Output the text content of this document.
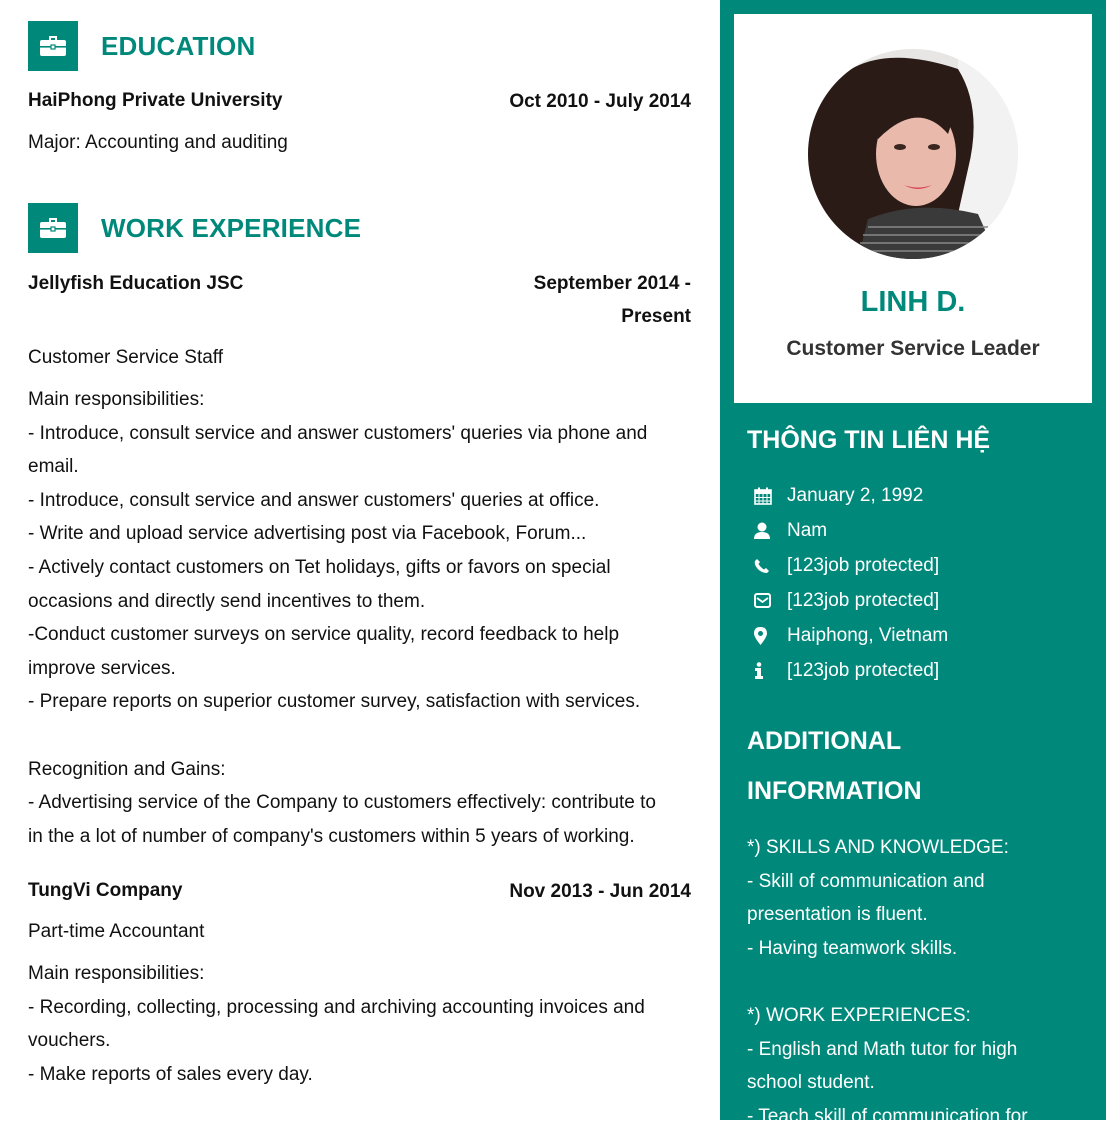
EDUCATION
HaiPhong Private University	Oct 2010 - July 2014
Major: Accounting and auditing
WORK EXPERIENCE
Jellyfish Education JSC	September 2014 -
Present
Customer Service Staff
Main responsibilities:
- Introduce, consult service and answer customers' queries via phone and
email.
- Introduce, consult service and answer customers' queries at office.
- Write and upload service advertising post via Facebook, Forum...
- Actively contact customers on Tet holidays, gifts or favors on special
occasions and directly send incentives to them.
-Conduct customer surveys on service quality, record feedback to help
improve services.
- Prepare reports on superior customer survey, satisfaction with services.
Recognition and Gains:
- Advertising service of the Company to customers effectively: contribute to
in the a lot of number of company's customers within 5 years of working.
TungVi Company	Nov 2013 - Jun 2014
Part-time Accountant
Main responsibilities:
- Recording, collecting, processing and archiving accounting invoices and
vouchers.
- Make reports of sales every day.
LINH D.
Customer Service Leader
THÔNG TIN LIÊN HỆ
January 2, 1992
Nam
[123job protected]
[123job protected]
Haiphong, Vietnam
[123job protected]
ADDITIONAL
INFORMATION
*) SKILLS AND KNOWLEDGE:
- Skill of communication and
presentation is fluent.
- Having teamwork skills.
*) WORK EXPERIENCES:
- English and Math tutor for high
school student.
- Teach skill of communication for
